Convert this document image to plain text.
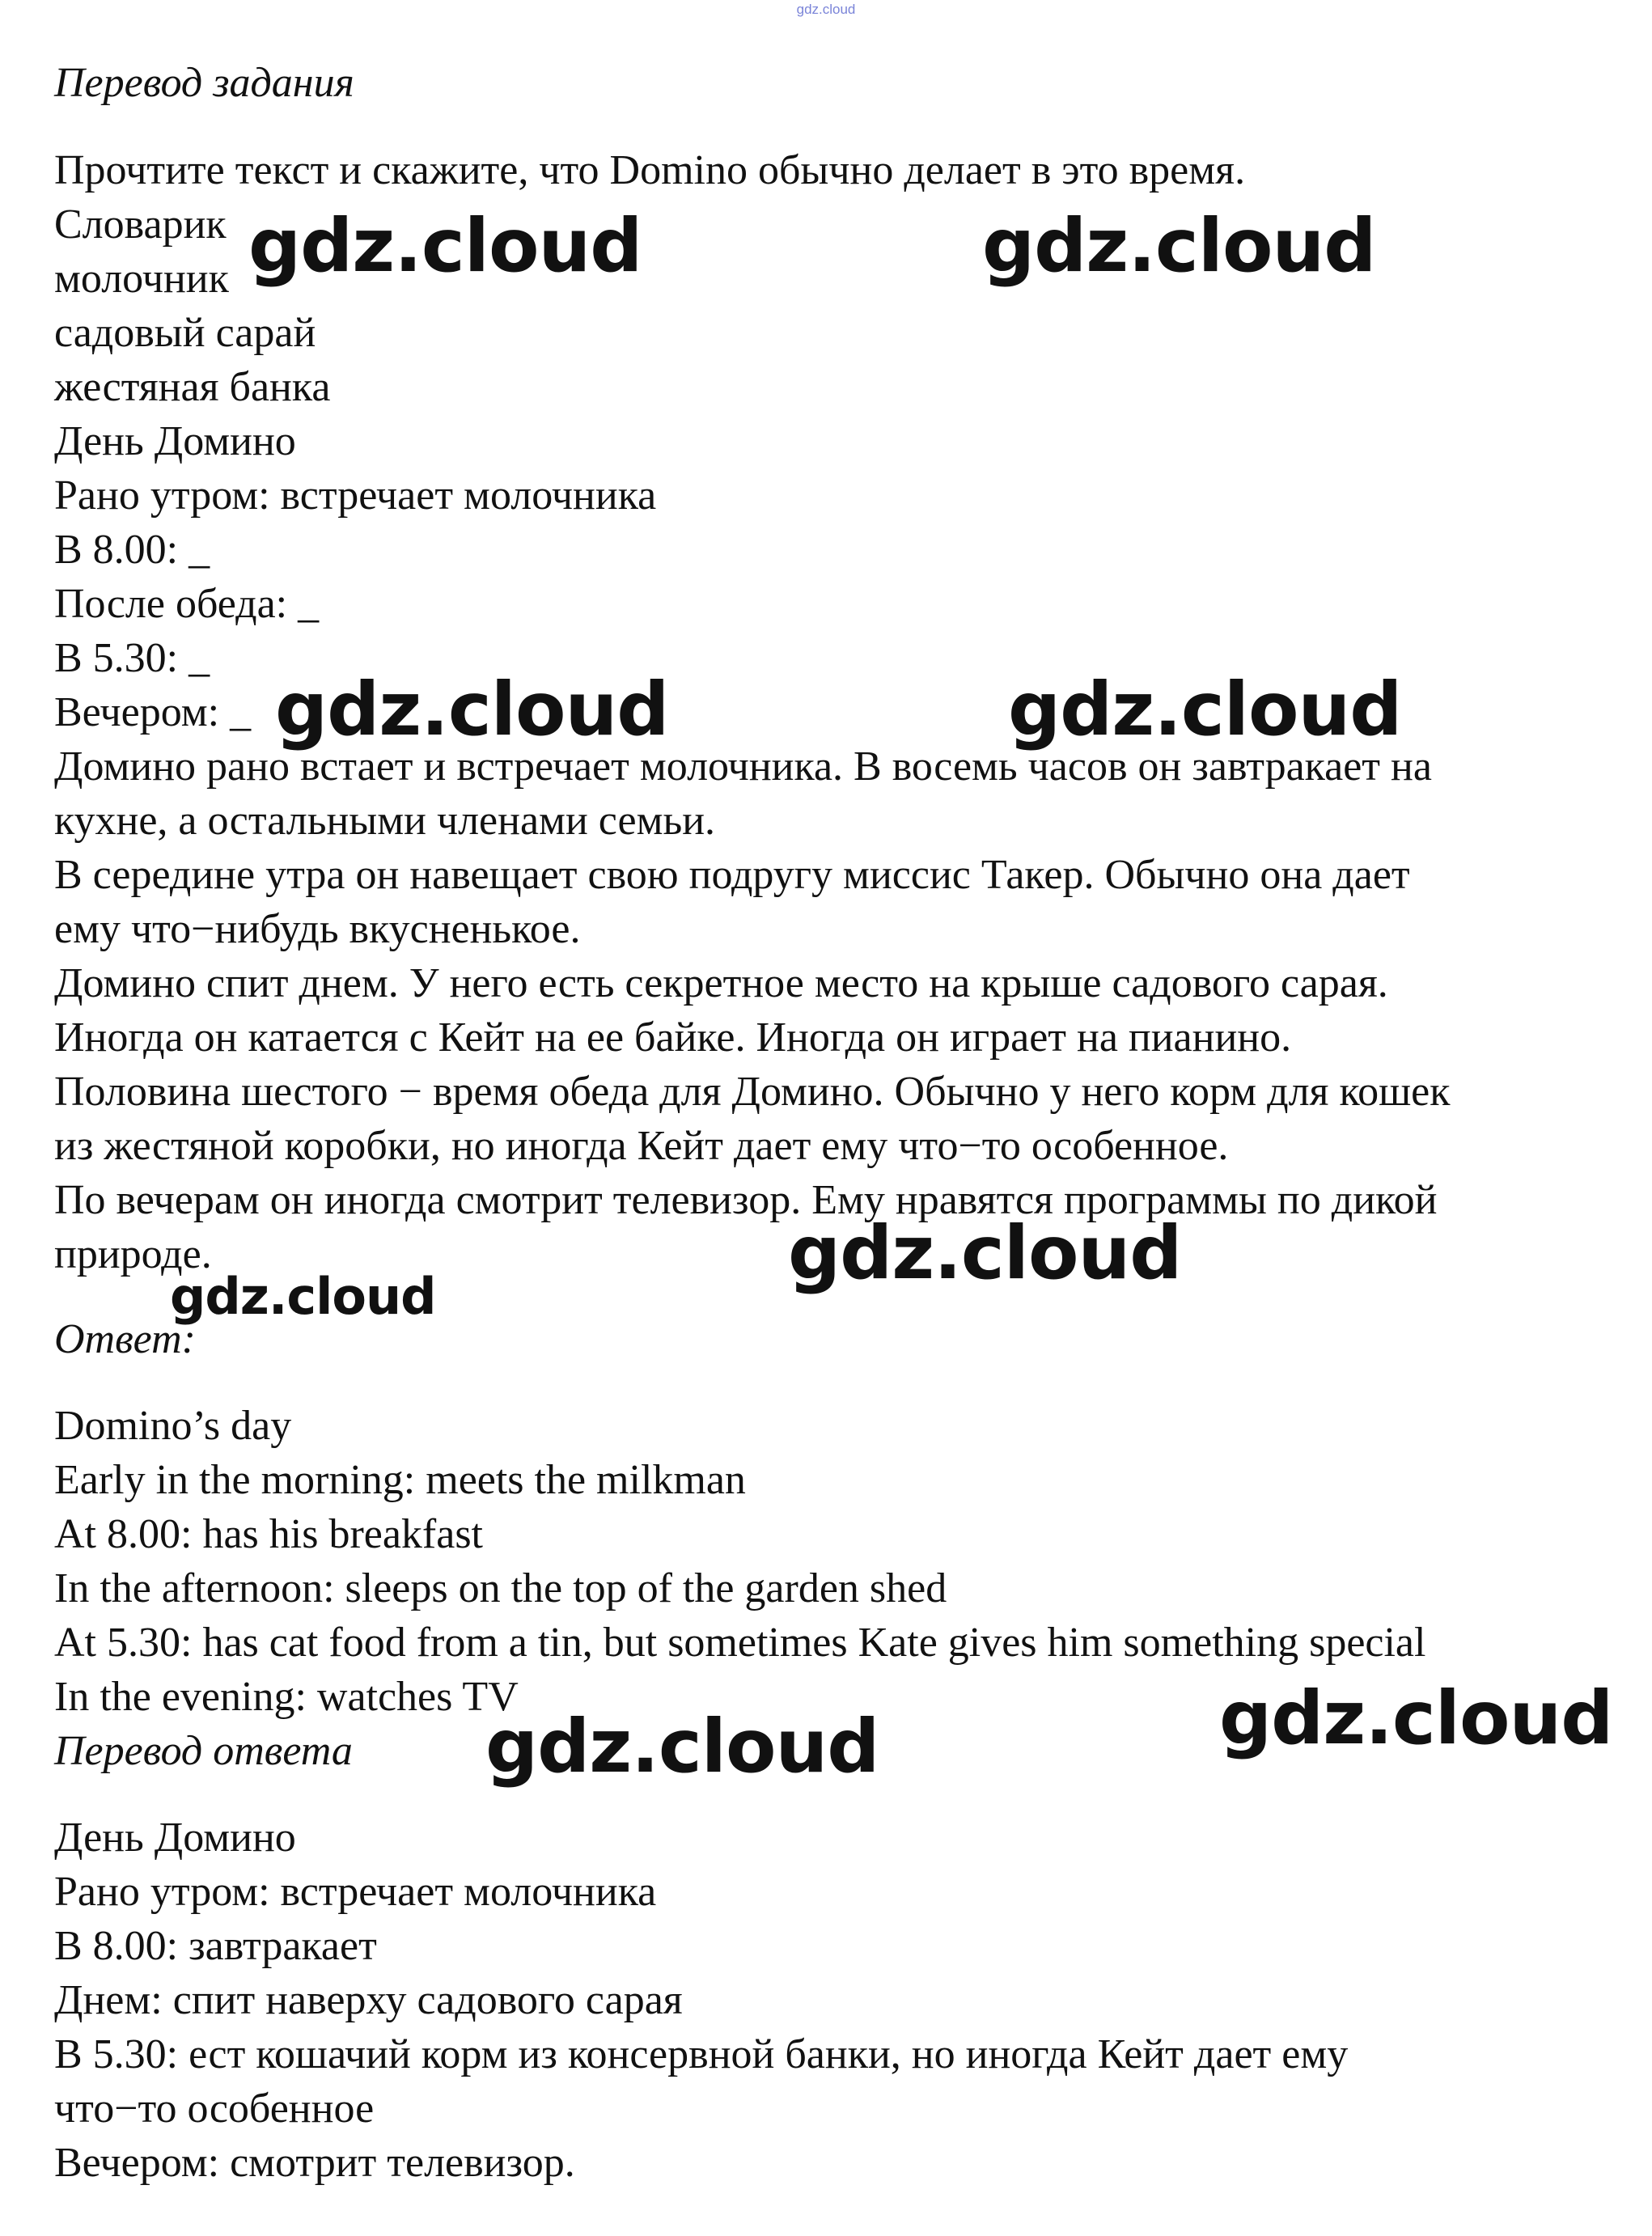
gdz.cloud

Перевод задания

Прочтите текст и скажите, что Domino обычно делает в это время.

Словарик

молочник

садовый сарай

жестяная банка

День Домино

Рано утром: встречает молочника

В 8.00: _

После обеда: _

В 5.30: _

Вечером: _

Домино рано встает и встречает молочника. В восемь часов он завтракает на

кухне, а остальными членами семьи.

В середине утра он навещает свою подругу миссис Такер. Обычно она дает

ему что−нибудь вкусненькое.

Домино спит днем. У него есть секретное место на крыше садового сарая.

Иногда он катается с Кейт на ее байке. Иногда он играет на пианино.

Половина шестого − время обеда для Домино. Обычно у него корм для кошек

из жестяной коробки, но иногда Кейт дает ему что−то особенное.

По вечерам он иногда смотрит телевизор. Ему нравятся программы по дикой

природе.

Ответ:

Domino’s day

Early in the morning: meets the milkman

At 8.00: has his breakfast

In the afternoon: sleeps on the top of the garden shed

At 5.30: has cat food from a tin, but sometimes Kate gives him something special

In the evening: watches TV

Перевод ответа

День Домино

Рано утром: встречает молочника

В 8.00: завтракает

Днем: спит наверху садового сарая

В 5.30: ест кошачий корм из консервной банки, но иногда Кейт дает ему

что−то особенное

Вечером: смотрит телевизор.

gdz.cloud	gdz.cloud

gdz.cloud	gdz.cloud

gdz.cloud

gdz.cloud

gdz.cloud

gdz.cloud
